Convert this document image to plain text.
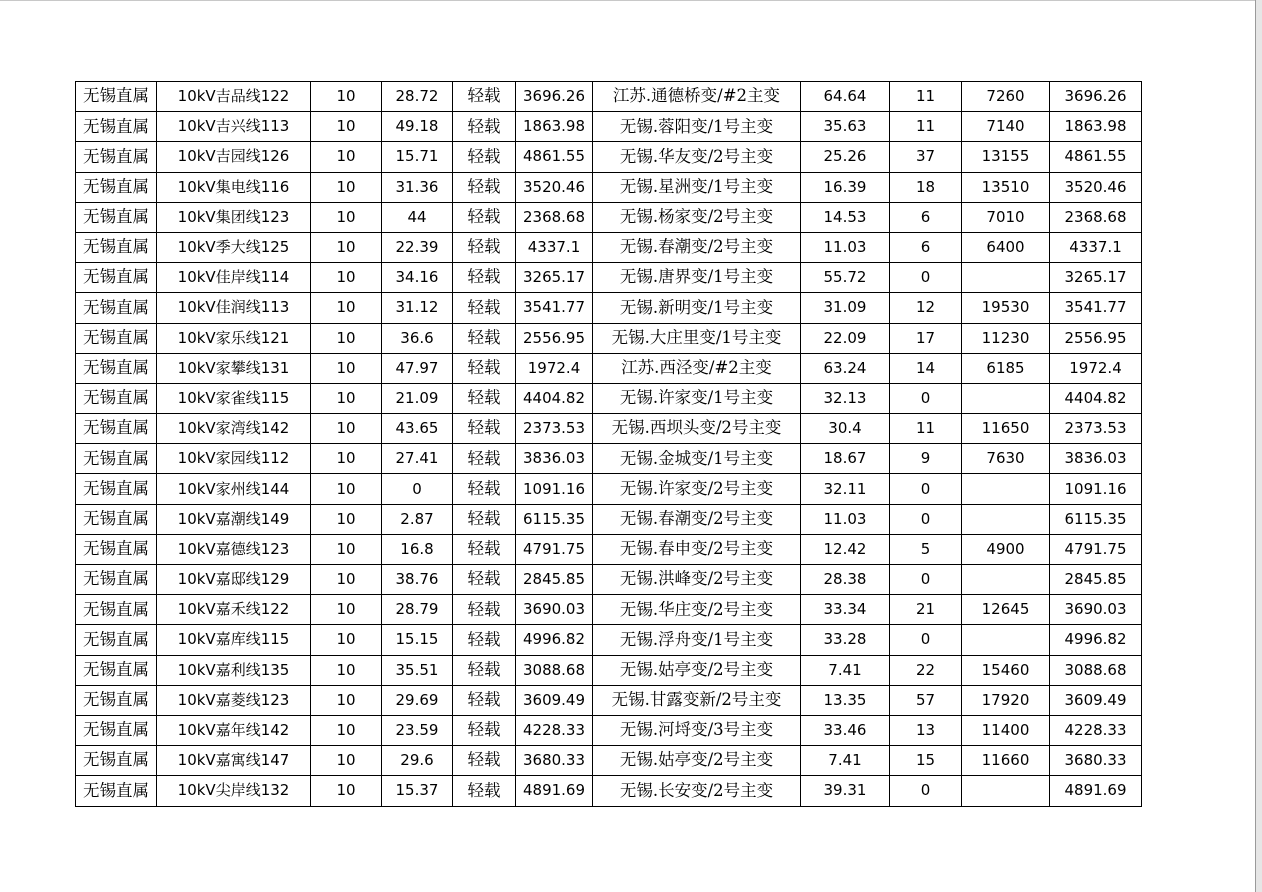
无锡直属	10kV吉品线122	10	28.72	轻载	3696.26	江苏.通德桥变/#2主变	64.64	11	7260	3696.26
无锡直属	10kV吉兴线113	10	49.18	轻载	1863.98	无锡.蓉阳变/1号主变	35.63	11	7140	1863.98
无锡直属	10kV吉园线126	10	15.71	轻载	4861.55	无锡.华友变/2号主变	25.26	37	13155	4861.55
无锡直属	10kV集电线116	10	31.36	轻载	3520.46	无锡.星洲变/1号主变	16.39	18	13510	3520.46
无锡直属	10kV集团线123	10	44	轻载	2368.68	无锡.杨家变/2号主变	14.53	6	7010	2368.68
无锡直属	10kV季大线125	10	22.39	轻载	4337.1	无锡.春潮变/2号主变	11.03	6	6400	4337.1
无锡直属	10kV佳岸线114	10	34.16	轻载	3265.17	无锡.唐界变/1号主变	55.72	0		3265.17
无锡直属	10kV佳润线113	10	31.12	轻载	3541.77	无锡.新明变/1号主变	31.09	12	19530	3541.77
无锡直属	10kV家乐线121	10	36.6	轻载	2556.95	无锡.大庄里变/1号主变	22.09	17	11230	2556.95
无锡直属	10kV家攀线131	10	47.97	轻载	1972.4	江苏.西泾变/#2主变	63.24	14	6185	1972.4
无锡直属	10kV家雀线115	10	21.09	轻载	4404.82	无锡.许家变/1号主变	32.13	0		4404.82
无锡直属	10kV家湾线142	10	43.65	轻载	2373.53	无锡.西坝头变/2号主变	30.4	11	11650	2373.53
无锡直属	10kV家园线112	10	27.41	轻载	3836.03	无锡.金城变/1号主变	18.67	9	7630	3836.03
无锡直属	10kV家州线144	10	0	轻载	1091.16	无锡.许家变/2号主变	32.11	0		1091.16
无锡直属	10kV嘉潮线149	10	2.87	轻载	6115.35	无锡.春潮变/2号主变	11.03	0		6115.35
无锡直属	10kV嘉德线123	10	16.8	轻载	4791.75	无锡.春申变/2号主变	12.42	5	4900	4791.75
无锡直属	10kV嘉邸线129	10	38.76	轻载	2845.85	无锡.洪峰变/2号主变	28.38	0		2845.85
无锡直属	10kV嘉禾线122	10	28.79	轻载	3690.03	无锡.华庄变/2号主变	33.34	21	12645	3690.03
无锡直属	10kV嘉库线115	10	15.15	轻载	4996.82	无锡.浮舟变/1号主变	33.28	0		4996.82
无锡直属	10kV嘉利线135	10	35.51	轻载	3088.68	无锡.姑亭变/2号主变	7.41	22	15460	3088.68
无锡直属	10kV嘉菱线123	10	29.69	轻载	3609.49	无锡.甘露变新/2号主变	13.35	57	17920	3609.49
无锡直属	10kV嘉年线142	10	23.59	轻载	4228.33	无锡.河埒变/3号主变	33.46	13	11400	4228.33
无锡直属	10kV嘉寓线147	10	29.6	轻载	3680.33	无锡.姑亭变/2号主变	7.41	15	11660	3680.33
无锡直属	10kV尖岸线132	10	15.37	轻载	4891.69	无锡.长安变/2号主变	39.31	0		4891.69
